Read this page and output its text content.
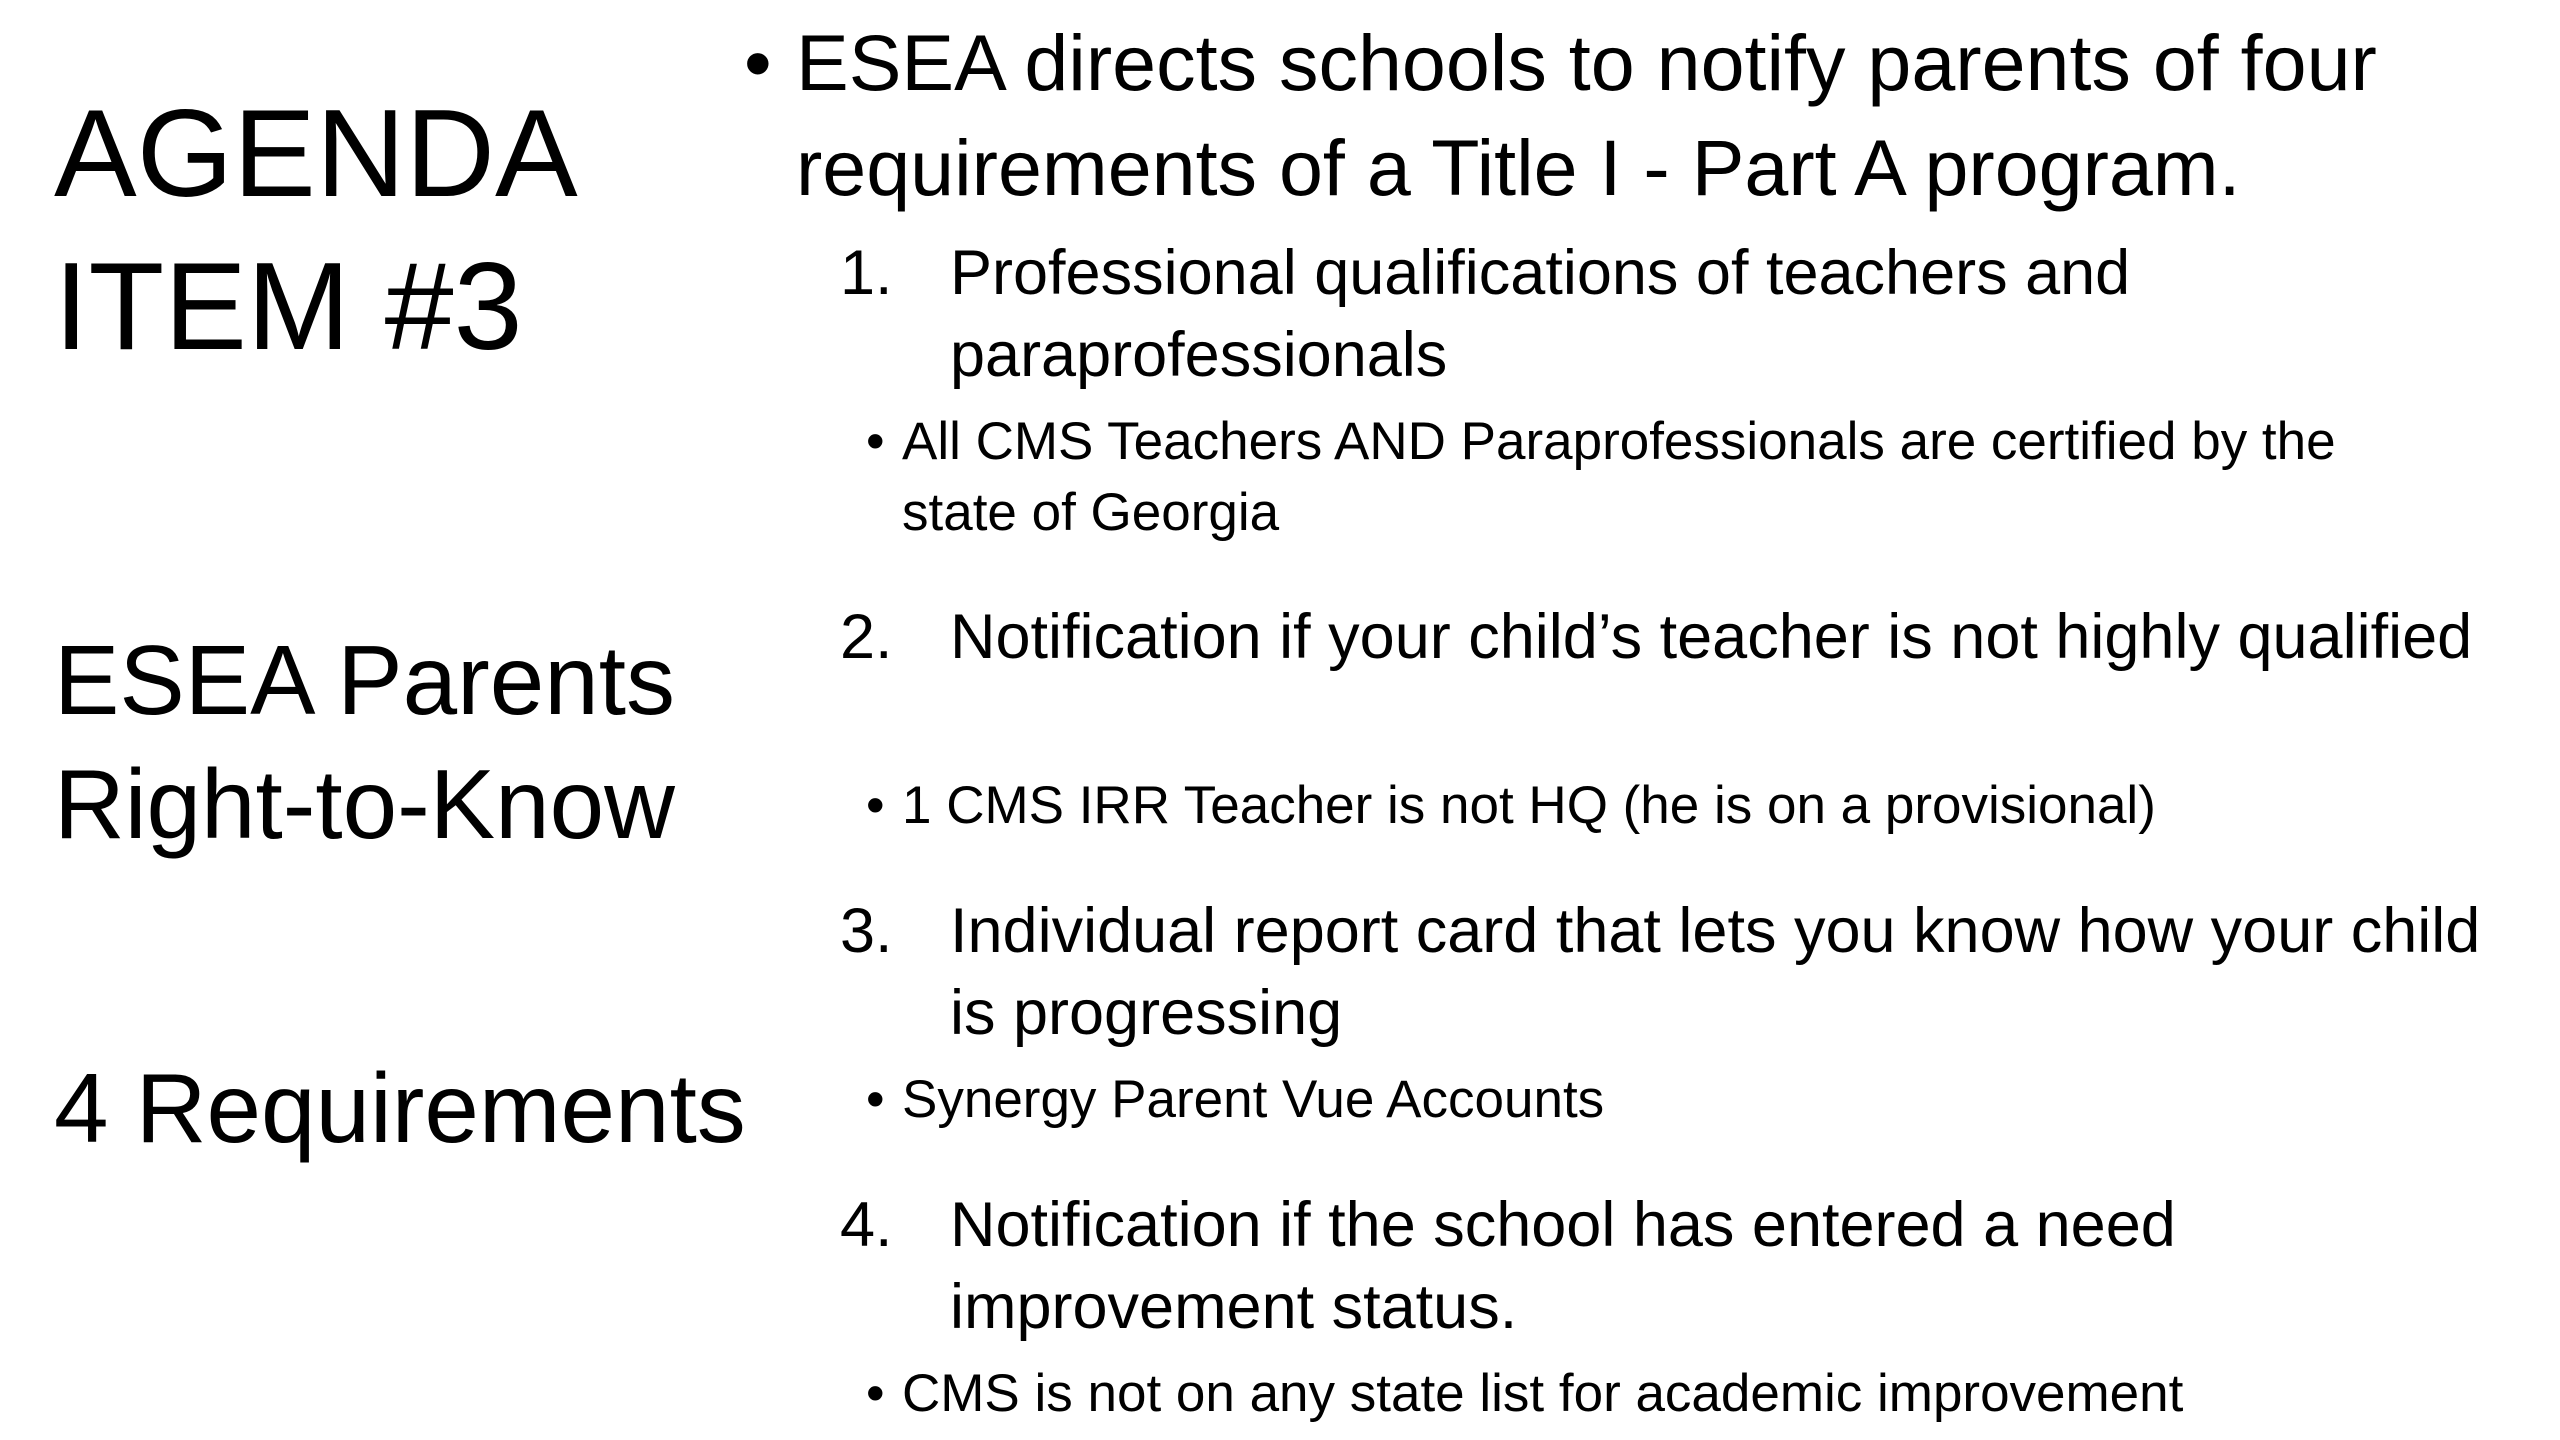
AGENDA
ITEM #3
ESEA Parents
Right-to-Know
4 Requirements
• ESEA directs schools to notify parents of four requirements of a Title I - Part A program.
1. Professional qualifications of teachers and paraprofessionals
• All CMS Teachers AND Paraprofessionals are certified by the state of Georgia
2. Notification if your child’s teacher is not highly qualified
• 1 CMS IRR Teacher is not HQ (he is on a provisional)
3. Individual report card that lets you know how your child is progressing
• Synergy Parent Vue Accounts
4. Notification if the school has entered a need improvement status.
• CMS is not on any state list for academic improvement
